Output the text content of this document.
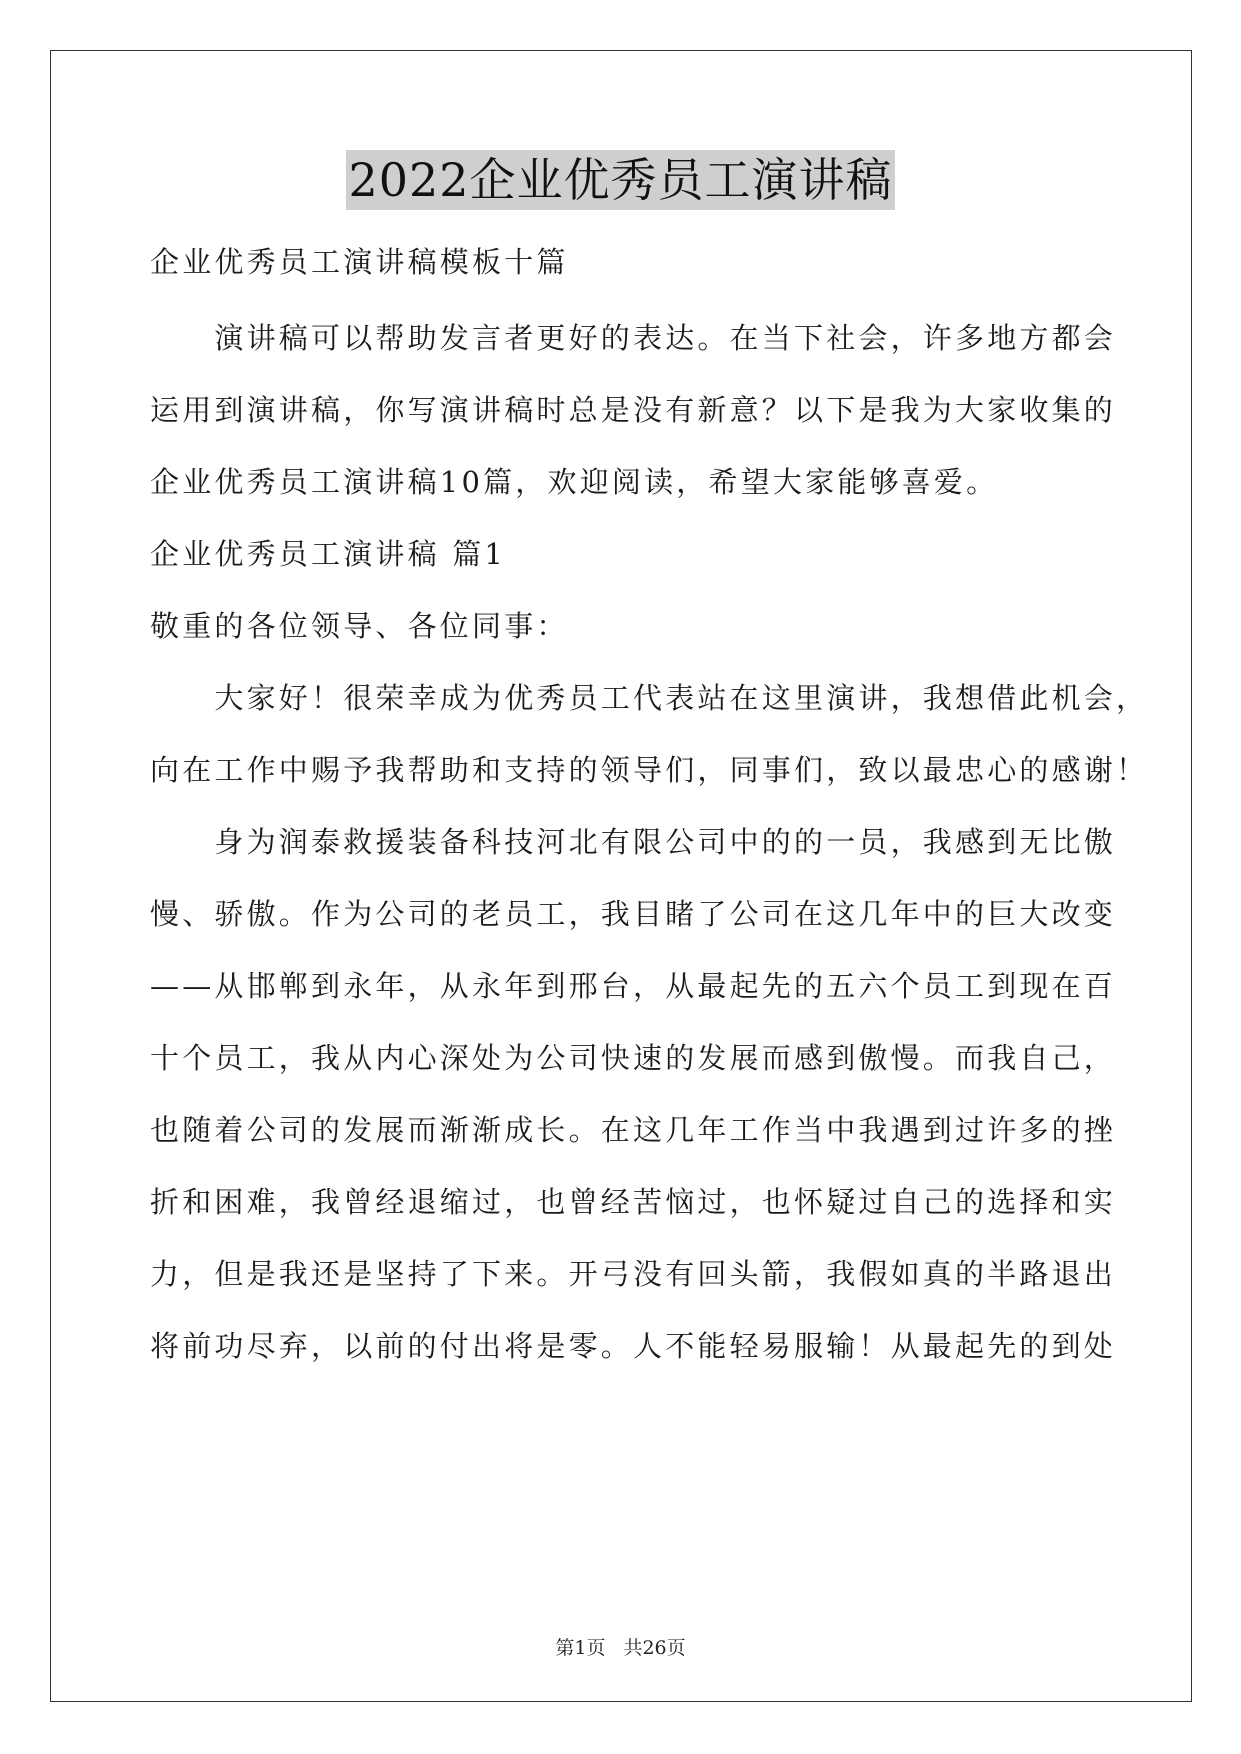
2022企业优秀员工演讲稿
企业优秀员工演讲稿模板十篇
　　演讲稿可以帮助发言者更好的表达。在当下社会，许多地方都会
运用到演讲稿，你写演讲稿时总是没有新意？以下是我为大家收集的
企业优秀员工演讲稿10篇，欢迎阅读，希望大家能够喜爱。
企业优秀员工演讲稿 篇1
敬重的各位领导、各位同事：
　　大家好！很荣幸成为优秀员工代表站在这里演讲，我想借此机会，
向在工作中赐予我帮助和支持的领导们，同事们，致以最忠心的感谢！
　　身为润泰救援装备科技河北有限公司中的的一员，我感到无比傲
慢、骄傲。作为公司的老员工，我目睹了公司在这几年中的巨大改变
——从邯郸到永年，从永年到邢台，从最起先的五六个员工到现在百
十个员工，我从内心深处为公司快速的发展而感到傲慢。而我自己，
也随着公司的发展而渐渐成长。在这几年工作当中我遇到过许多的挫
折和困难，我曾经退缩过，也曾经苦恼过，也怀疑过自己的选择和实
力，但是我还是坚持了下来。开弓没有回头箭，我假如真的半路退出
将前功尽弃，以前的付出将是零。人不能轻易服输！从最起先的到处
第1页 共26页
